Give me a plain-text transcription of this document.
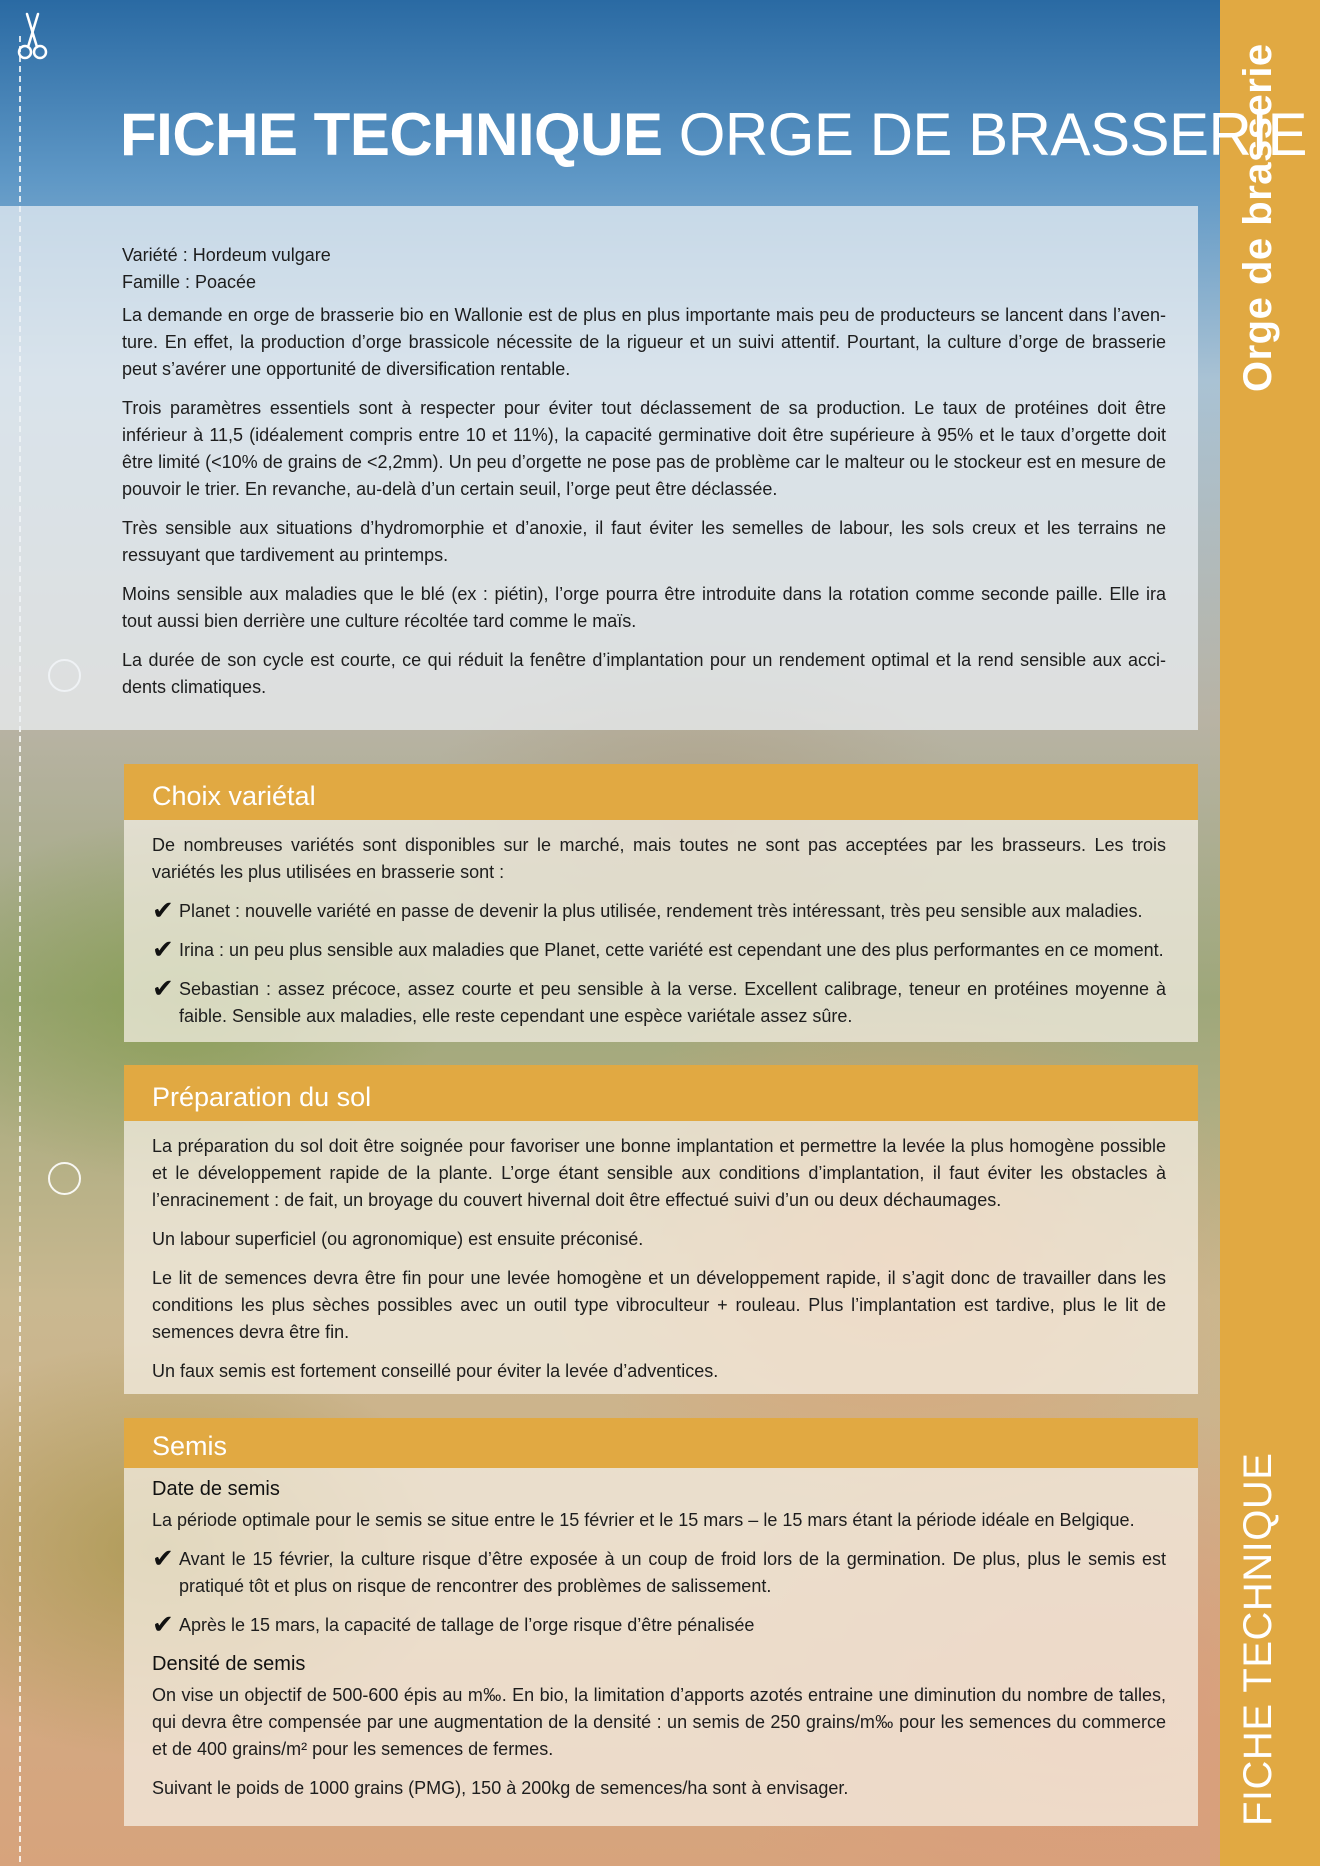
Orge de brasserie
FICHE TECHNIQUE
FICHE TECHNIQUE ORGE DE BRASSERIE
Variété : Hordeum vulgare
Famille : Poacée

La demande en orge de brasserie bio en Wallonie est de plus en plus importante mais peu de producteurs se lancent dans l’aven-ture. En effet, la production d’orge brassicole nécessite de la rigueur et un suivi attentif. Pourtant, la culture d’orge de brasserie peut s’avérer une opportunité de diversification rentable.

Trois paramètres essentiels sont à respecter pour éviter tout déclassement de sa production. Le taux de protéines doit être inférieur à 11,5 (idéalement compris entre 10 et 11%), la capacité germinative doit être supérieure à 95% et le taux d’orgette doit être limité (<10% de grains de <2,2mm). Un peu d’orgette ne pose pas de problème car le malteur ou le stockeur est en mesure de pouvoir le trier. En revanche, au-delà d’un certain seuil, l’orge peut être déclassée.

Très sensible aux situations d’hydromorphie et d’anoxie, il faut éviter les semelles de labour, les sols creux et les terrains ne ressuyant que tardivement au printemps.

Moins sensible aux maladies que le blé (ex : piétin), l’orge pourra être introduite dans la rotation comme seconde paille. Elle ira tout aussi bien derrière une culture récoltée tard comme le maïs.

La durée de son cycle est courte, ce qui réduit la fenêtre d’implantation pour un rendement optimal et la rend sensible aux acci-dents climatiques.

Choix variétal

De nombreuses variétés sont disponibles sur le marché, mais toutes ne sont pas acceptées par les brasseurs. Les trois variétés les plus utilisées en brasserie sont :

✔ Planet : nouvelle variété en passe de devenir la plus utilisée, rendement très intéressant, très peu sensible aux maladies.
✔ Irina : un peu plus sensible aux maladies que Planet, cette variété est cependant une des plus performantes en ce moment.
✔ Sebastian : assez précoce, assez courte et peu sensible à la verse. Excellent calibrage, teneur en protéines moyenne à faible. Sensible aux maladies, elle reste cependant une espèce variétale assez sûre.
Préparation du sol

La préparation du sol doit être soignée pour favoriser une bonne implantation et permettre la levée la plus homogène possible et le développement rapide de la plante. L’orge étant sensible aux conditions d’implantation, il faut éviter les obstacles à l’enracinement : de fait, un broyage du couvert hivernal doit être effectué suivi d’un ou deux déchaumages.

Un labour superficiel (ou agronomique) est ensuite préconisé.

Le lit de semences devra être fin pour une levée homogène et un développement rapide, il s’agit donc de travailler dans les conditions les plus sèches possibles avec un outil type vibroculteur + rouleau. Plus l’implantation est tardive, plus le lit de semences devra être fin.

Un faux semis est fortement conseillé pour éviter la levée d’adventices.

Semis
Date de semis

La période optimale pour le semis se situe entre le 15 février et le 15 mars – le 15 mars étant la période idéale en Belgique.

✔ Avant le 15 février, la culture risque d’être exposée à un coup de froid lors de la germination. De plus, plus le semis est pratiqué tôt et plus on risque de rencontrer des problèmes de salissement.
✔ Après le 15 mars, la capacité de tallage de l’orge risque d’être pénalisée
Densité de semis

On vise un objectif de 500-600 épis au m‰. En bio, la limitation d’apports azotés entraine une diminution du nombre de talles, qui devra être compensée par une augmentation de la densité : un semis de 250 grains/m‰ pour les semences du commerce et de 400 grains/m² pour les semences de fermes.

Suivant le poids de 1000 grains (PMG), 150 à 200kg de semences/ha sont à envisager.
